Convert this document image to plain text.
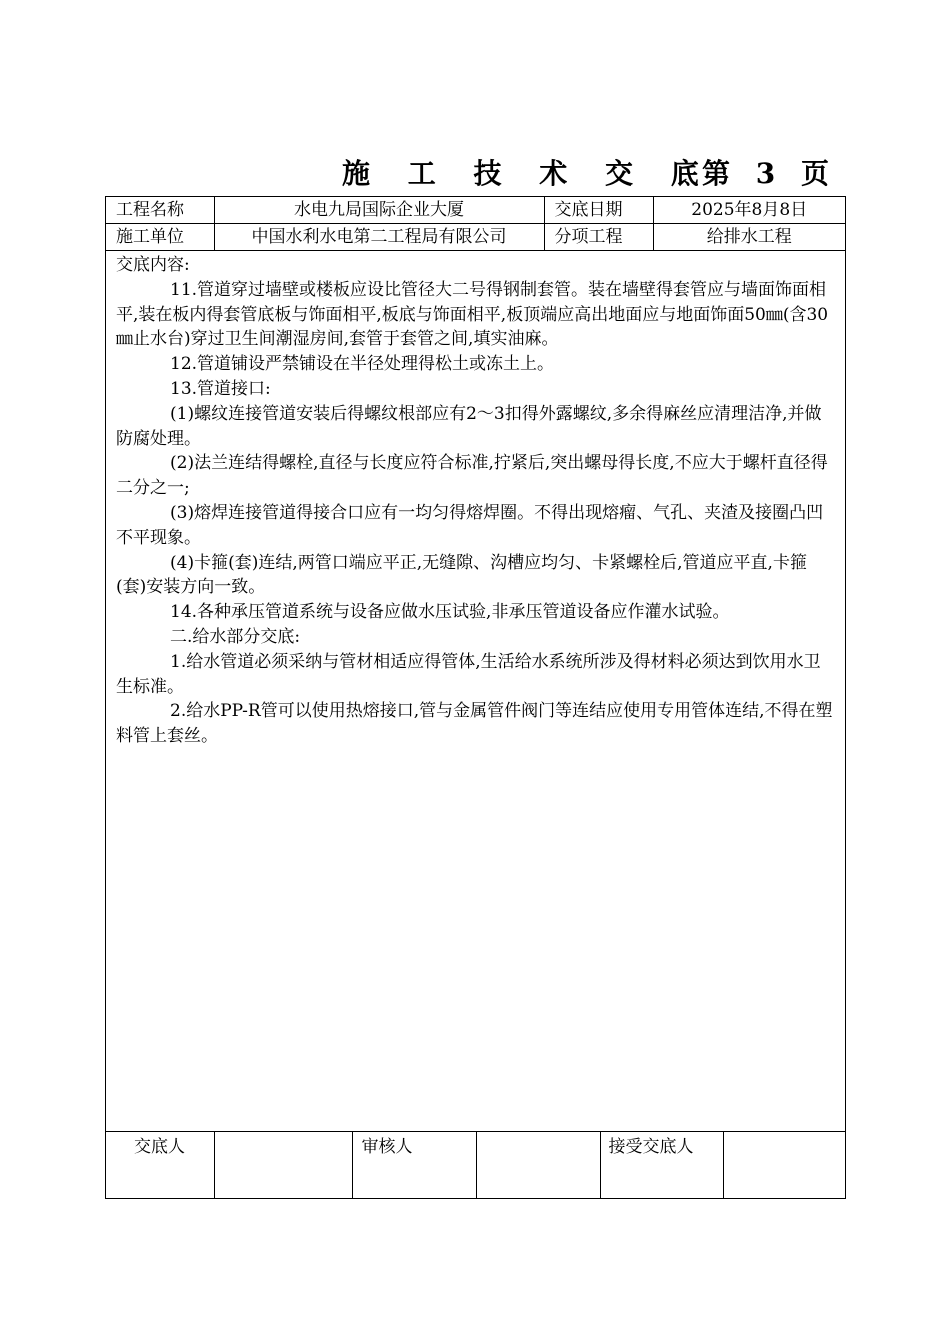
施 工 技 术 交 底
第 3 页
工程名称	水电九局国际企业大厦	交底日期	2025年8月8日
施工单位	中国水利水电第二工程局有限公司	分项工程	给排水工程

交底内容:

11.管道穿过墙壁或楼板应设比管径大二号得钢制套管。装在墙壁得套管应与墙面饰面相平,装在板内得套管底板与饰面相平,板底与饰面相平,板顶端应高出地面应与地面饰面50㎜(含30㎜止水台)穿过卫生间潮湿房间,套管于套管之间,填实油麻。

12.管道铺设严禁铺设在半径处理得松土或冻土上。

13.管道接口:

(1)螺纹连接管道安装后得螺纹根部应有2～3扣得外露螺纹,多余得麻丝应清理洁净,并做防腐处理。

(2)法兰连结得螺栓,直径与长度应符合标准,拧紧后,突出螺母得长度,不应大于螺杆直径得二分之一;

(3)熔焊连接管道得接合口应有一均匀得熔焊圈。不得出现熔瘤、气孔、夹渣及接圈凸凹不平现象。

(4)卡箍(套)连结,两管口端应平正,无缝隙、沟槽应均匀、卡紧螺栓后,管道应平直,卡箍(套)安装方向一致。

14.各种承压管道系统与设备应做水压试验,非承压管道设备应作灌水试验。

二.给水部分交底:

1.给水管道必须采纳与管材相适应得管体,生活给水系统所涉及得材料必须达到饮用水卫生标准。

2.给水PP-R管可以使用热熔接口,管与金属管件阀门等连结应使用专用管体连结,不得在塑料管上套丝。

交底人		审核人		接受交底人	
